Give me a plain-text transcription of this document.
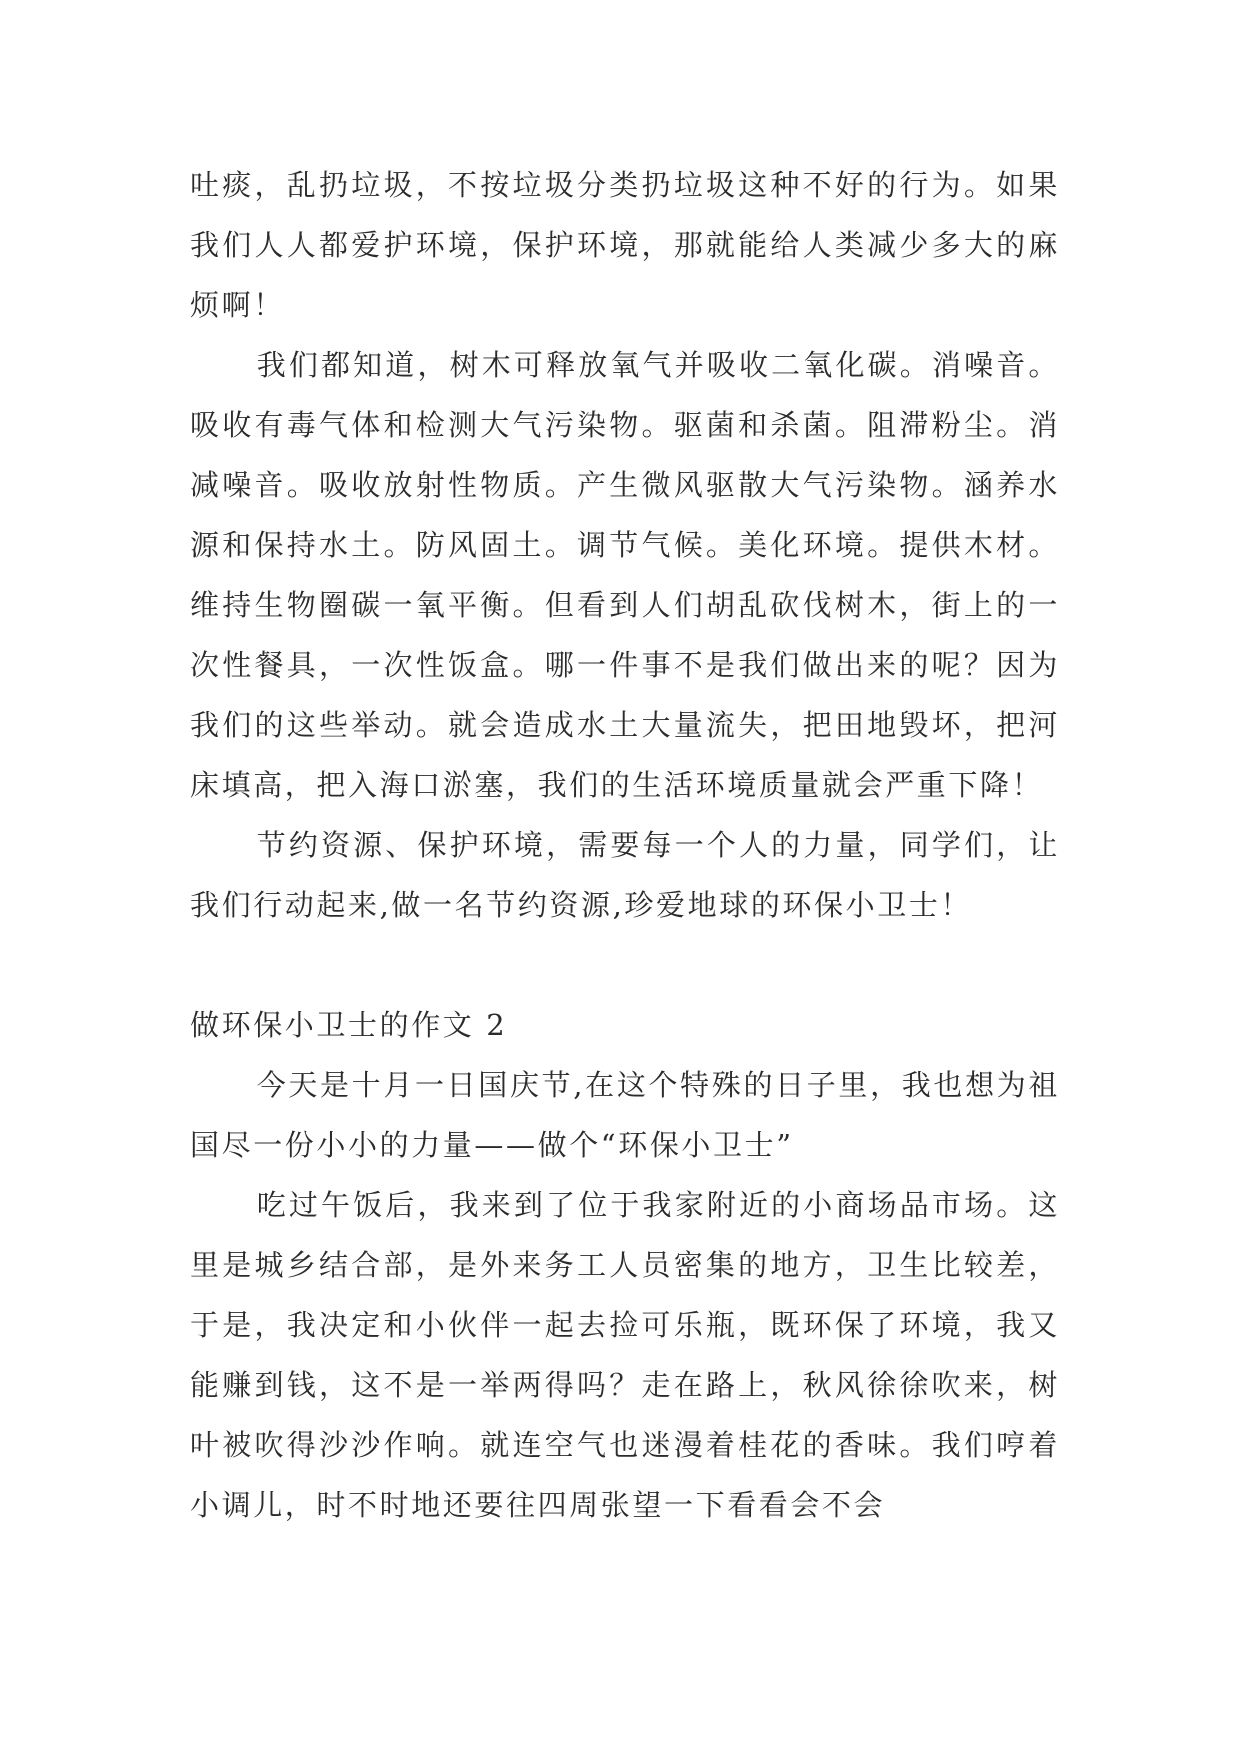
吐痰，乱扔垃圾，不按垃圾分类扔垃圾这种不好的行为。如果我们人人都爱护环境，保护环境，那就能给人类减少多大的麻烦啊！

我们都知道，树木可释放氧气并吸收二氧化碳。消噪音。吸收有毒气体和检测大气污染物。驱菌和杀菌。阻滞粉尘。消减噪音。吸收放射性物质。产生微风驱散大气污染物。涵养水源和保持水土。防风固土。调节气候。美化环境。提供木材。维持生物圈碳一氧平衡。但看到人们胡乱砍伐树木，街上的一次性餐具，一次性饭盒。哪一件事不是我们做出来的呢？因为我们的这些举动。就会造成水土大量流失，把田地毁坏，把河床填高，把入海口淤塞，我们的生活环境质量就会严重下降！

节约资源、保护环境，需要每一个人的力量，同学们，让我们行动起来,做一名节约资源,珍爱地球的环保小卫士！

做环保小卫士的作文 2

今天是十月一日国庆节,在这个特殊的日子里，我也想为祖国尽一份小小的力量——做个“环保小卫士”

吃过午饭后，我来到了位于我家附近的小商场品市场。这里是城乡结合部，是外来务工人员密集的地方，卫生比较差，于是，我决定和小伙伴一起去捡可乐瓶，既环保了环境，我又能赚到钱，这不是一举两得吗？走在路上，秋风徐徐吹来，树叶被吹得沙沙作响。就连空气也迷漫着桂花的香味。我们哼着小调儿，时不时地还要往四周张望一下看看会不会
